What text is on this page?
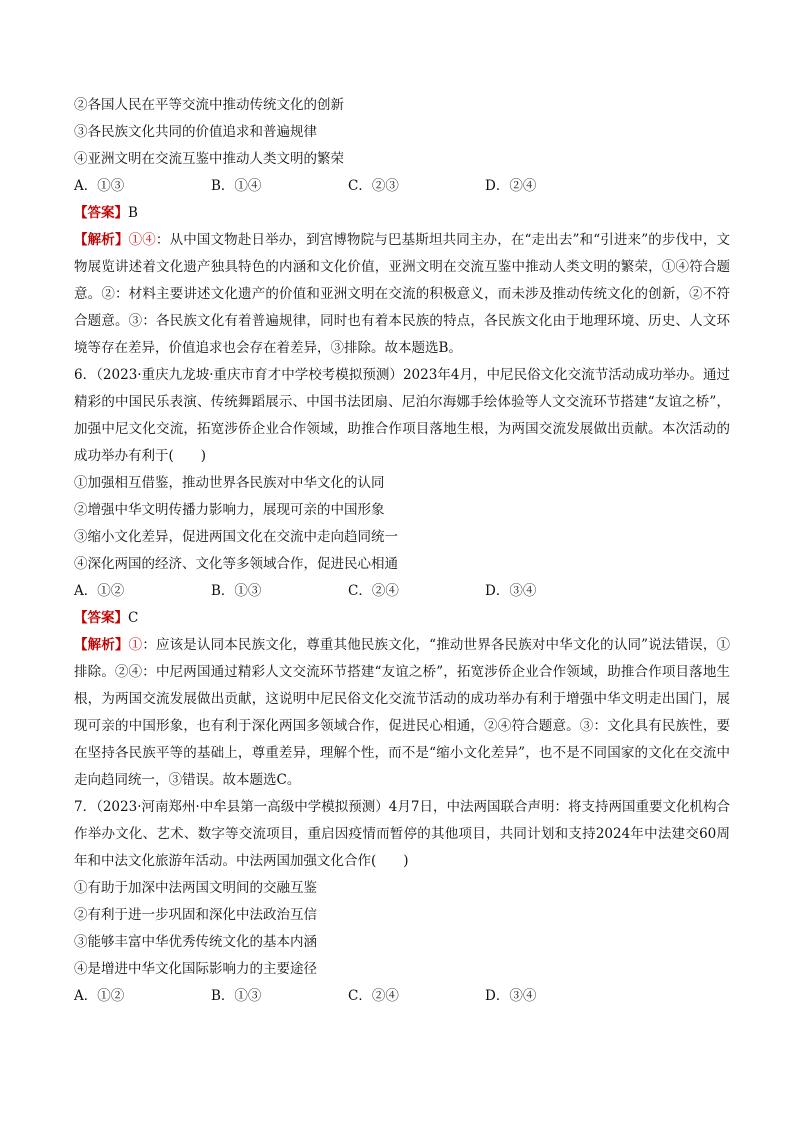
②各国人民在平等交流中推动传统文化的创新
③各民族文化共同的价值追求和普遍规律
④亚洲文明在交流互鉴中推动人类文明的繁荣
A．①③	B．①④	C．②③	D．②④
【答案】B
【解析】①④：从中国文物赴日举办，到宫博物院与巴基斯坦共同主办，在“走出去”和“引进来”的步伐中，文物展览讲述着文化遗产独具特色的内涵和文化价值，亚洲文明在交流互鉴中推动人类文明的繁荣，①④符合题意。②：材料主要讲述文化遗产的价值和亚洲文明在交流的积极意义，而未涉及推动传统文化的创新，②不符合题意。③：各民族文化有着普遍规律，同时也有着本民族的特点，各民族文化由于地理环境、历史、人文环境等存在差异，价值追求也会存在着差异，③排除。故本题选B。
6．（2023·重庆九龙坡·重庆市育才中学校考模拟预测）2023年4月，中尼民俗文化交流节活动成功举办。通过精彩的中国民乐表演、传统舞蹈展示、中国书法团扇、尼泊尔海娜手绘体验等人文交流环节搭建“友谊之桥”，加强中尼文化交流，拓宽涉侨企业合作领域，助推合作项目落地生根，为两国交流发展做出贡献。本次活动的成功举办有利于(　　)
①加强相互借鉴，推动世界各民族对中华文化的认同
②增强中华文明传播力影响力，展现可亲的中国形象
③缩小文化差异，促进两国文化在交流中走向趋同统一
④深化两国的经济、文化等多领域合作，促进民心相通
A．①②	B．①③	C．②④	D．③④
【答案】C
【解析】①：应该是认同本民族文化，尊重其他民族文化，“推动世界各民族对中华文化的认同”说法错误，①排除。②④：中尼两国通过精彩人文交流环节搭建“友谊之桥”，拓宽涉侨企业合作领域，助推合作项目落地生根，为两国交流发展做出贡献，这说明中尼民俗文化交流节活动的成功举办有利于增强中华文明走出国门，展现可亲的中国形象，也有利于深化两国多领域合作，促进民心相通，②④符合题意。③：文化具有民族性，要在坚持各民族平等的基础上，尊重差异，理解个性，而不是“缩小文化差异”，也不是不同国家的文化在交流中走向趋同统一，③错误。故本题选C。
7．（2023·河南郑州·中牟县第一高级中学模拟预测）4月7日，中法两国联合声明：将支持两国重要文化机构合作举办文化、艺术、数字等交流项目，重启因疫情而暂停的其他项目，共同计划和支持2024年中法建交60周年和中法文化旅游年活动。中法两国加强文化合作(　　)
①有助于加深中法两国文明间的交融互鉴
②有利于进一步巩固和深化中法政治互信
③能够丰富中华优秀传统文化的基本内涵
④是增进中华文化国际影响力的主要途径
A．①②	B．①③	C．②④	D．③④
